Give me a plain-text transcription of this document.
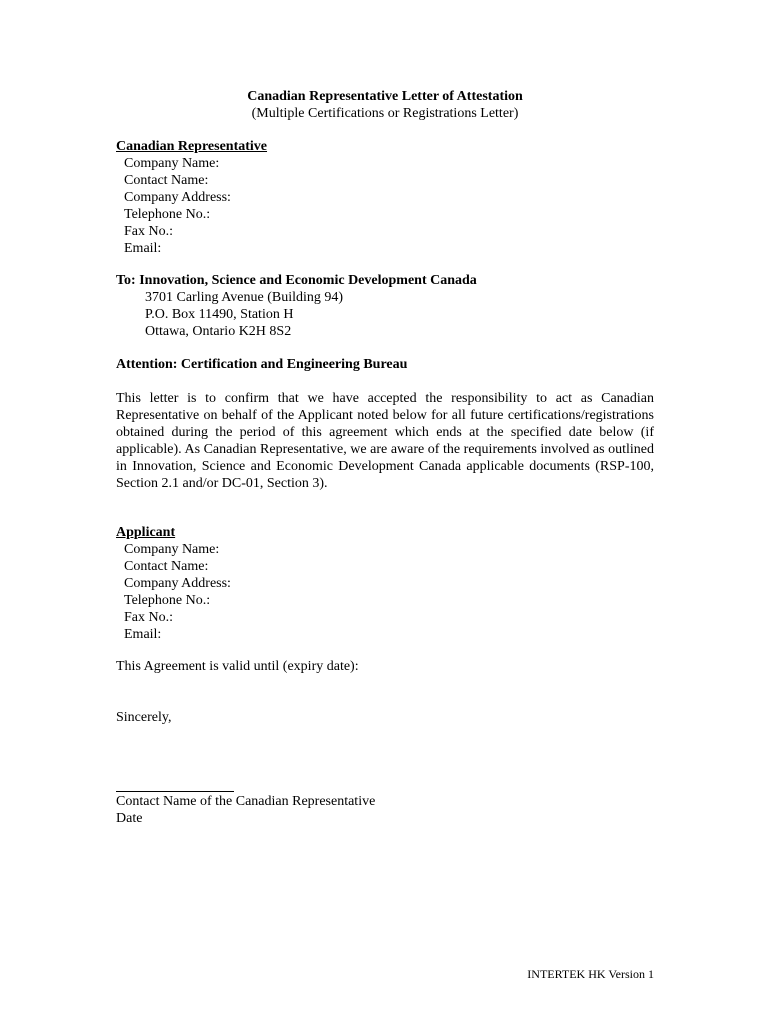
Canadian Representative Letter of Attestation
(Multiple Certifications or Registrations Letter)
Canadian Representative
Company Name:
Contact Name:
Company Address:
Telephone No.:
Fax No.:
Email:
To: Innovation, Science and Economic Development Canada
3701 Carling Avenue (Building 94)
P.O. Box 11490, Station H
Ottawa, Ontario K2H 8S2
Attention: Certification and Engineering Bureau
This letter is to confirm that we have accepted the responsibility to act as Canadian Representative on behalf of the Applicant noted below for all future certifications/registrations obtained during the period of this agreement which ends at the specified date below (if applicable). As Canadian Representative, we are aware of the requirements involved as outlined in Innovation, Science and Economic Development Canada applicable documents (RSP-100, Section 2.1 and/or DC-01, Section 3).
Applicant
Company Name:
Contact Name:
Company Address:
Telephone No.:
Fax No.:
Email:
This Agreement is valid until (expiry date):
Sincerely,
Contact Name of the Canadian Representative
Date
INTERTEK HK Version 1
